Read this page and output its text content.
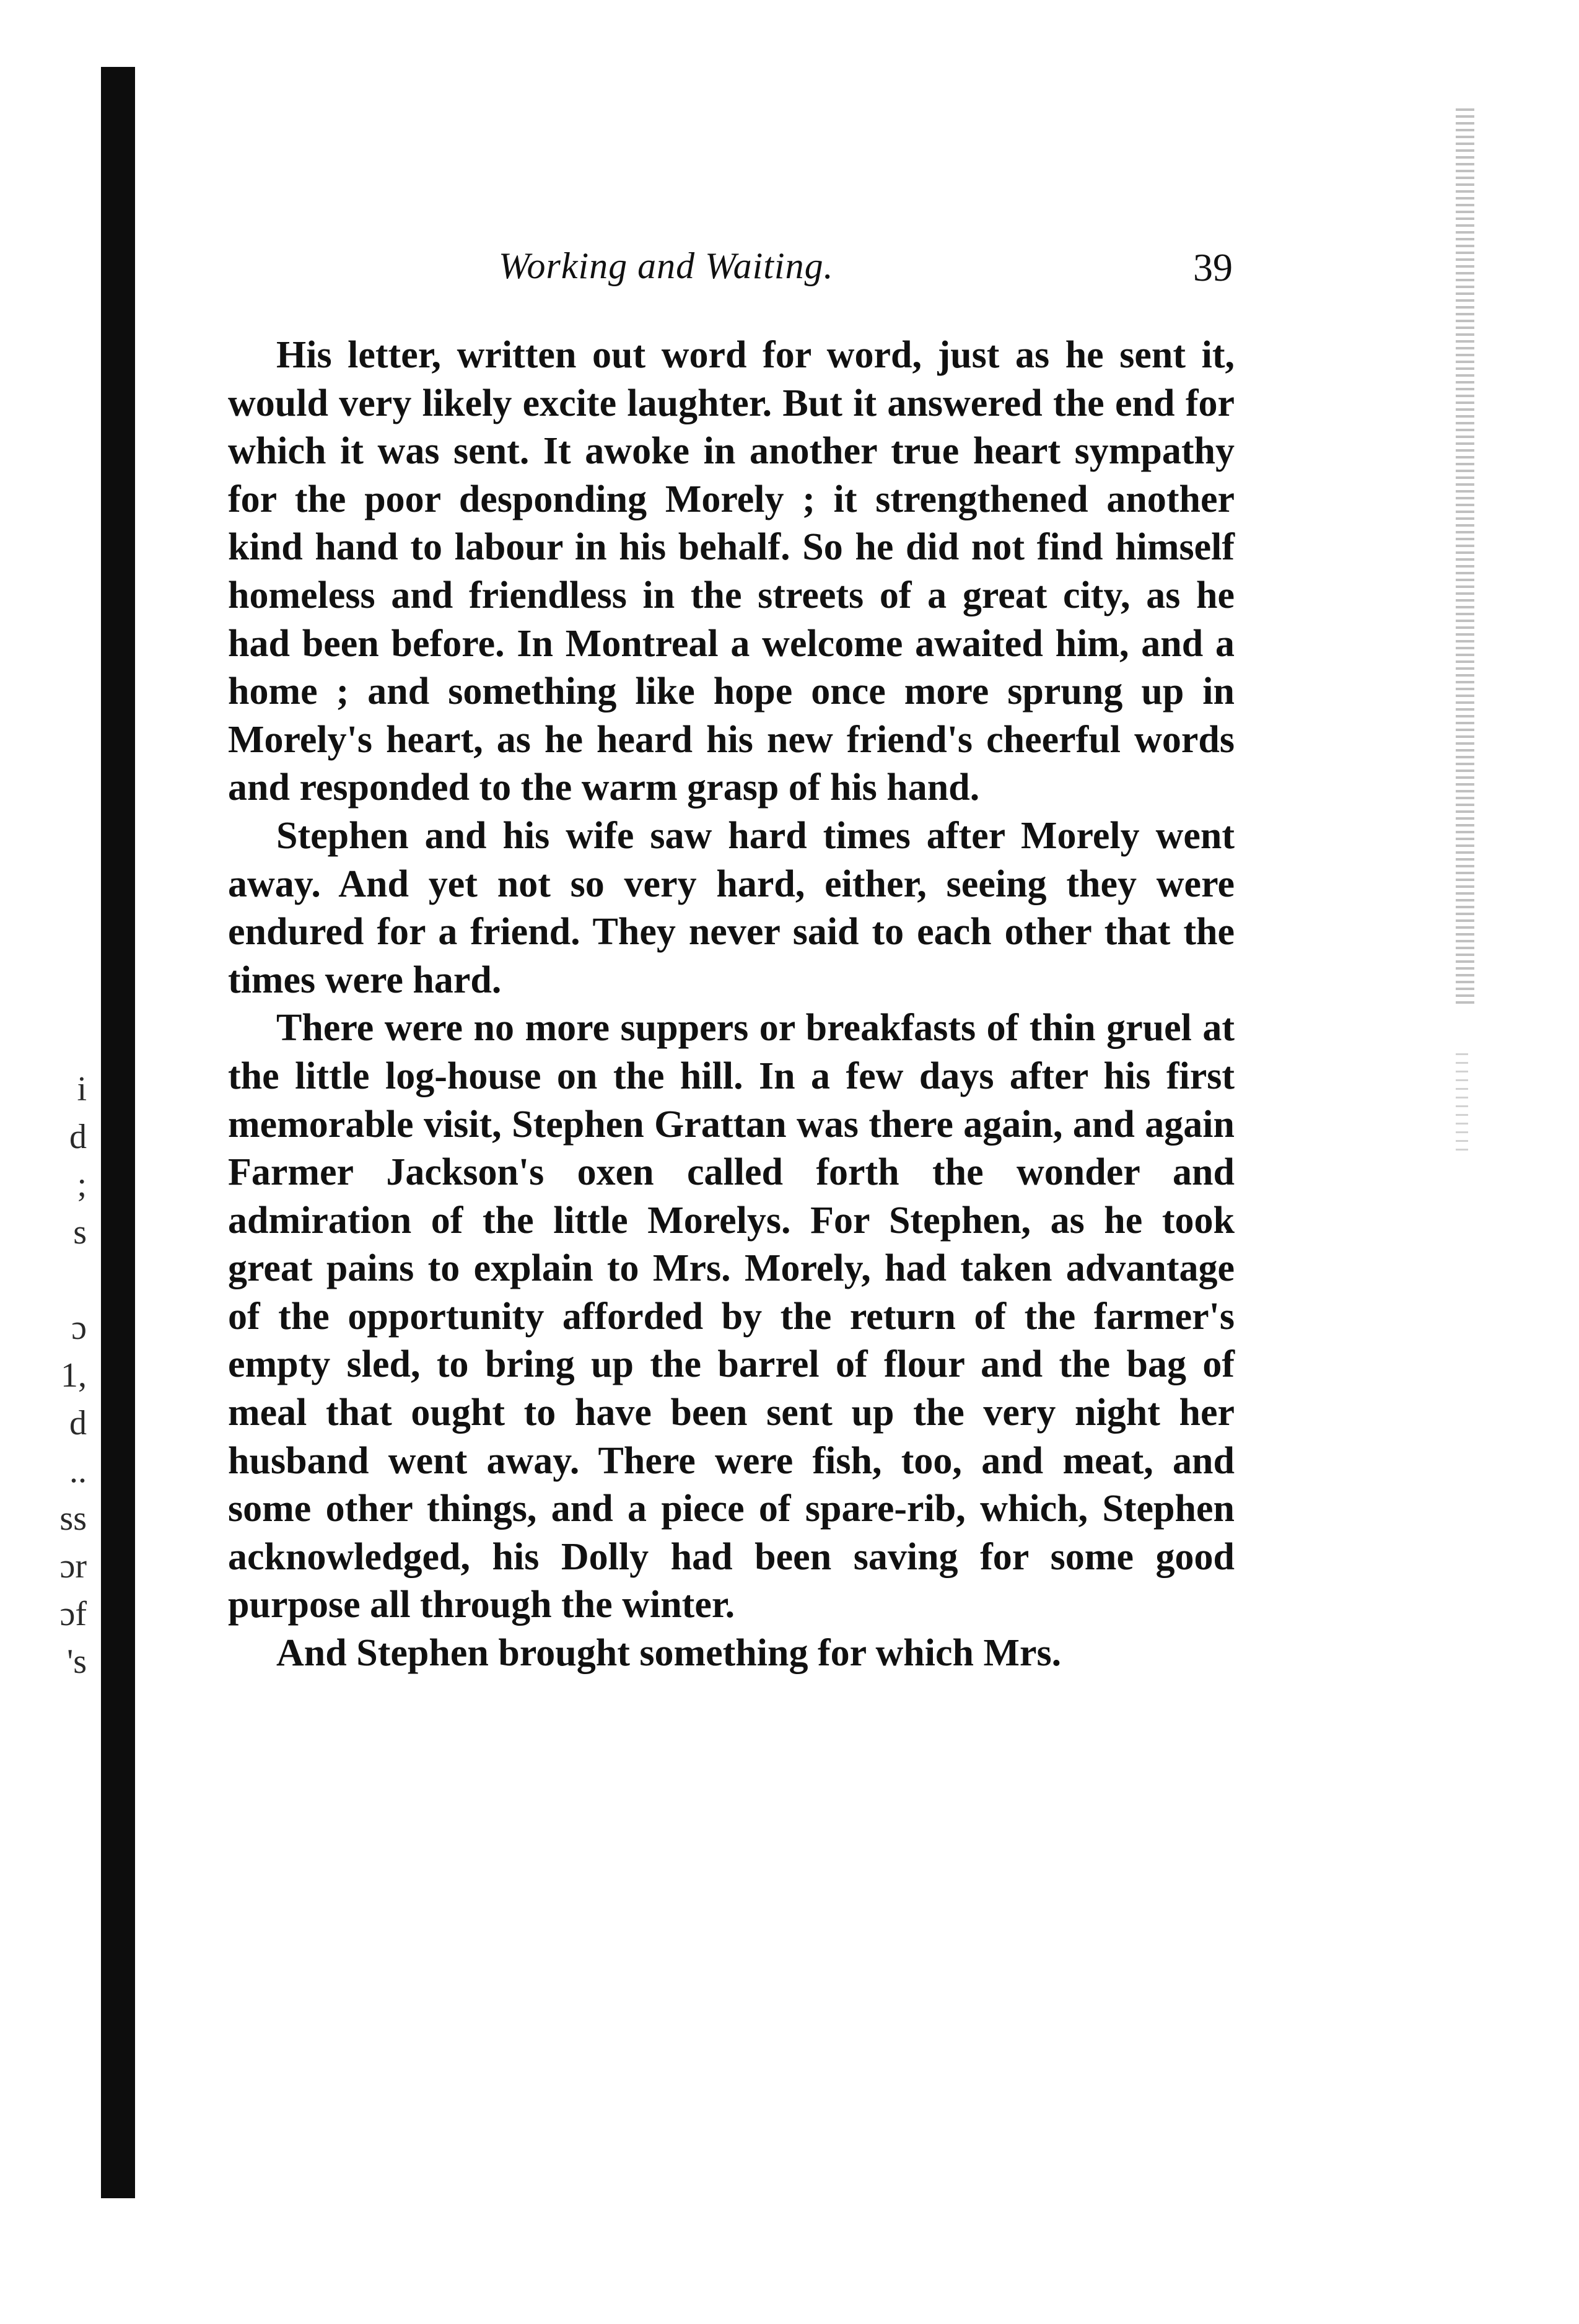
i
d
;
s
ɔ
1,
d
..
ss
ɔr
ɔf
's
Working and Waiting.	39

His letter, written out word for word, just as he sent it, would very likely excite laughter. But it answered the end for which it was sent. It awoke in another true heart sympathy for the poor desponding Morely ; it strengthened another kind hand to labour in his behalf. So he did not find himself homeless and friendless in the streets of a great city, as he had been before. In Montreal a welcome awaited him, and a home ; and something like hope once more sprung up in Morely's heart, as he heard his new friend's cheerful words and responded to the warm grasp of his hand.

Stephen and his wife saw hard times after Morely went away. And yet not so very hard, either, seeing they were endured for a friend. They never said to each other that the times were hard.

There were no more suppers or breakfasts of thin gruel at the little log-house on the hill. In a few days after his first memorable visit, Stephen Grattan was there again, and again Farmer Jackson's oxen called forth the wonder and admiration of the little Morelys. For Stephen, as he took great pains to explain to Mrs. Morely, had taken advantage of the opportunity afforded by the return of the farmer's empty sled, to bring up the barrel of flour and the bag of meal that ought to have been sent up the very night her husband went away. There were fish, too, and meat, and some other things, and a piece of spare-rib, which, Stephen acknowledged, his Dolly had been saving for some good purpose all through the winter.

And Stephen brought something for which Mrs.
